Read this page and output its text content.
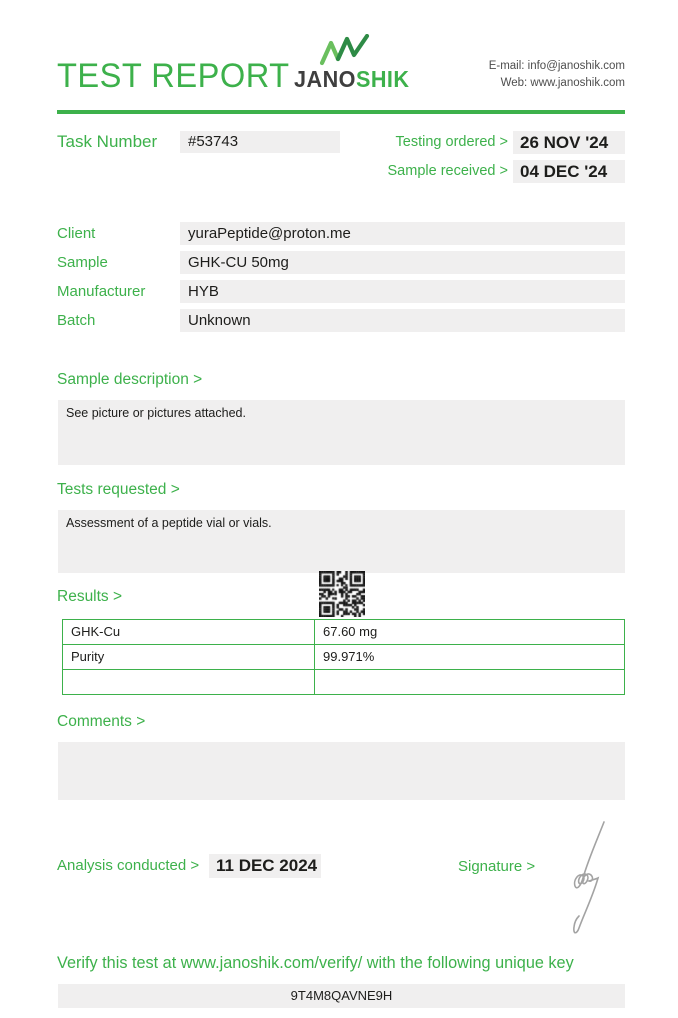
TEST REPORT JANOSHIK	E-mail: info@janoshik.com
Web: www.janoshik.com
Task Number	#53743	Testing ordered > 26 NOV '24
Sample received > 04 DEC '24
Client	yuraPeptide@proton.me
Sample	GHK-CU 50mg
Manufacturer	HYB
Batch	Unknown
Sample description >
See picture or pictures attached.
Tests requested >
Assessment of a peptide vial or vials.
Results >
GHK-Cu	67.60 mg
Purity	99.971%
Comments >
Analysis conducted > 11 DEC 2024	Signature >
Verify this test at www.janoshik.com/verify/ with the following unique key
9T4M8QAVNE9H
